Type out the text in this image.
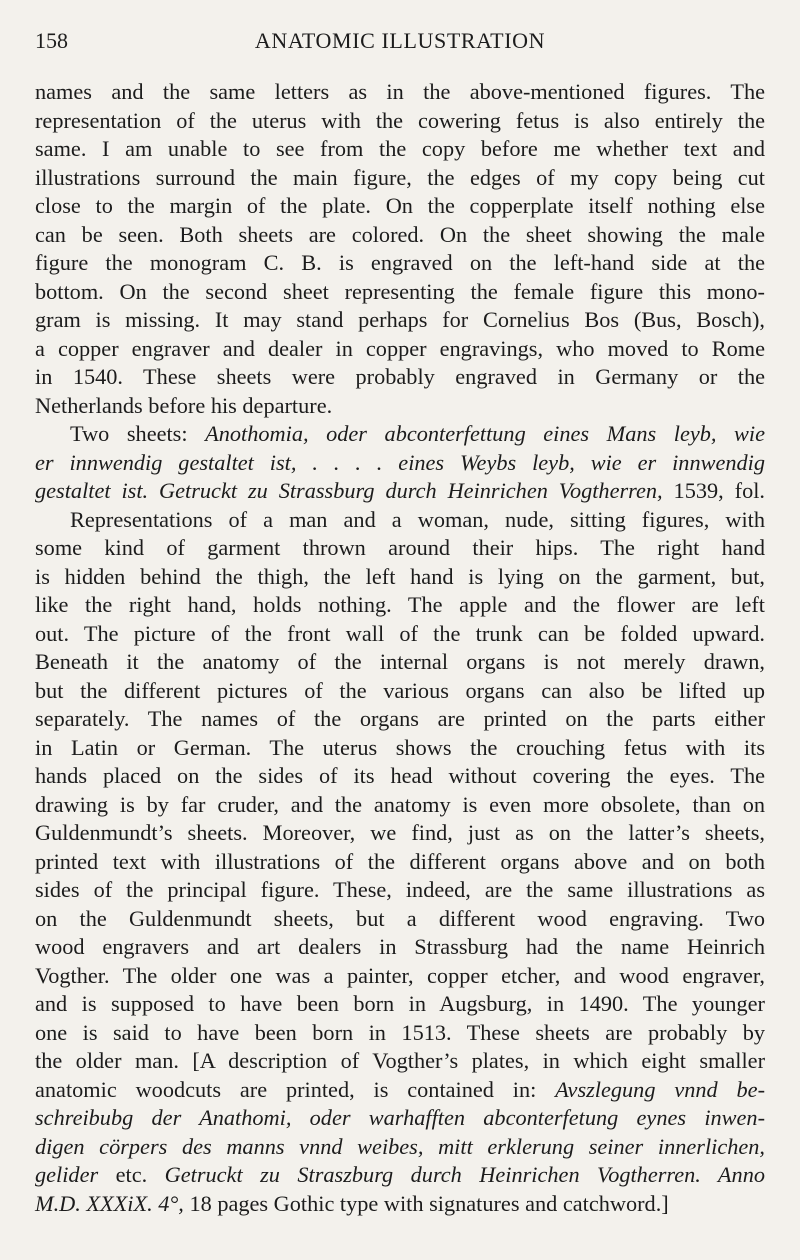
158	ANATOMIC ILLUSTRATION
names and the same letters as in the above-mentioned figures. The
representation of the uterus with the cowering fetus is also entirely the
same. I am unable to see from the copy before me whether text and
illustrations surround the main figure, the edges of my copy being cut
close to the margin of the plate. On the copperplate itself nothing else
can be seen. Both sheets are colored. On the sheet showing the male
figure the monogram C. B. is engraved on the left-hand side at the
bottom. On the second sheet representing the female figure this mono-
gram is missing. It may stand perhaps for Cornelius Bos (Bus, Bosch),
a copper engraver and dealer in copper engravings, who moved to Rome
in 1540. These sheets were probably engraved in Germany or the
Netherlands before his departure.
Two sheets: Anothomia, oder abconterfettung eines Mans leyb, wie
er innwendig gestaltet ist, . . . . eines Weybs leyb, wie er innwendig
gestaltet ist. Getruckt zu Strassburg durch Heinrichen Vogtherren, 1539, fol.
Representations of a man and a woman, nude, sitting figures, with
some kind of garment thrown around their hips. The right hand
is hidden behind the thigh, the left hand is lying on the garment, but,
like the right hand, holds nothing. The apple and the flower are left
out. The picture of the front wall of the trunk can be folded upward.
Beneath it the anatomy of the internal organs is not merely drawn,
but the different pictures of the various organs can also be lifted up
separately. The names of the organs are printed on the parts either
in Latin or German. The uterus shows the crouching fetus with its
hands placed on the sides of its head without covering the eyes. The
drawing is by far cruder, and the anatomy is even more obsolete, than on
Guldenmundt’s sheets. Moreover, we find, just as on the latter’s sheets,
printed text with illustrations of the different organs above and on both
sides of the principal figure. These, indeed, are the same illustrations as
on the Guldenmundt sheets, but a different wood engraving. Two
wood engravers and art dealers in Strassburg had the name Heinrich
Vogther. The older one was a painter, copper etcher, and wood engraver,
and is supposed to have been born in Augsburg, in 1490. The younger
one is said to have been born in 1513. These sheets are probably by
the older man. [A description of Vogther’s plates, in which eight smaller
anatomic woodcuts are printed, is contained in: Avszlegung vnnd be-
schreibubg der Anathomi, oder warhafften abconterfetung eynes inwen-
digen cörpers des manns vnnd weibes, mitt erklerung seiner innerlichen,
gelider etc. Getruckt zu Straszburg durch Heinrichen Vogtherren. Anno
M.D. XXXiX. 4°, 18 pages Gothic type with signatures and catchword.]
